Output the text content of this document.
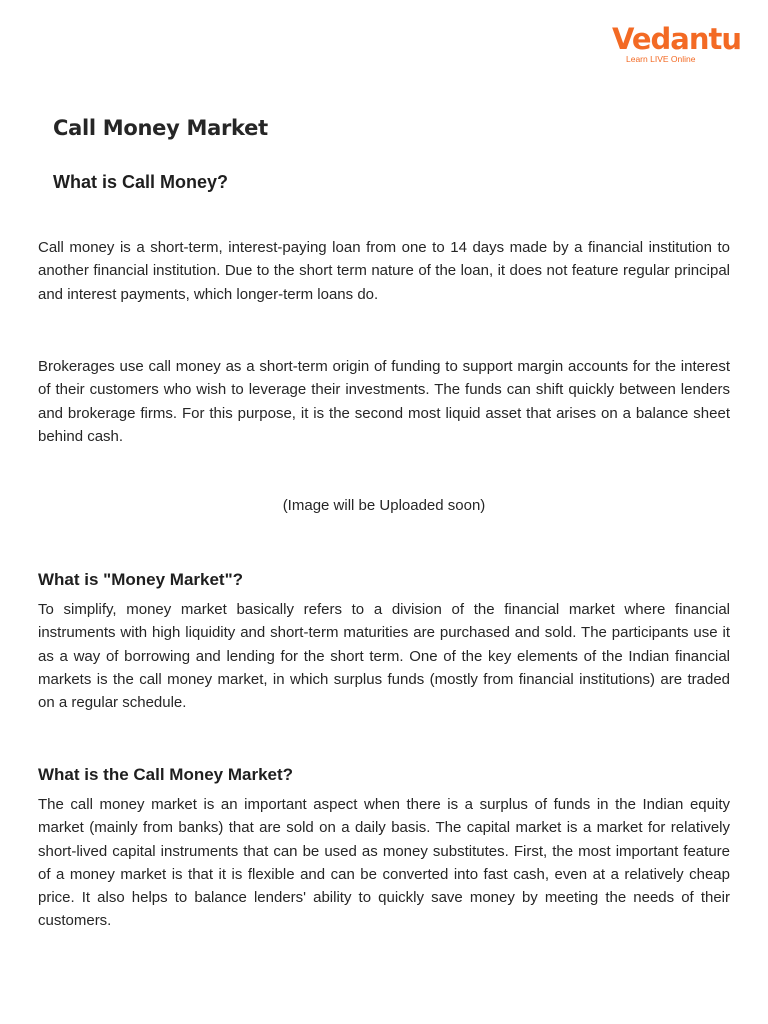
Vedantu
Learn LIVE Online
Call Money Market
What is Call Money?

Call money is a short-term, interest-paying loan from one to 14 days made by a financial institution to another financial institution. Due to the short term nature of the loan, it does not feature regular principal and interest payments, which longer-term loans do.

Brokerages use call money as a short-term origin of funding to support margin accounts for the interest of their customers who wish to leverage their investments. The funds can shift quickly between lenders and brokerage firms. For this purpose, it is the second most liquid asset that arises on a balance sheet behind cash.

(Image will be Uploaded soon)

What is "Money Market"?

To simplify, money market basically refers to a division of the financial market where financial instruments with high liquidity and short-term maturities are purchased and sold. The participants use it as a way of borrowing and lending for the short term. One of the key elements of the Indian financial markets is the call money market, in which surplus funds (mostly from financial institutions) are traded on a regular schedule.

What is the Call Money Market?

The call money market is an important aspect when there is a surplus of funds in the Indian equity market (mainly from banks) that are sold on a daily basis. The capital market is a market for relatively short-lived capital instruments that can be used as money substitutes. First, the most important feature of a money market is that it is flexible and can be converted into fast cash, even at a relatively cheap price. It also helps to balance lenders' ability to quickly save money by meeting the needs of their customers.
